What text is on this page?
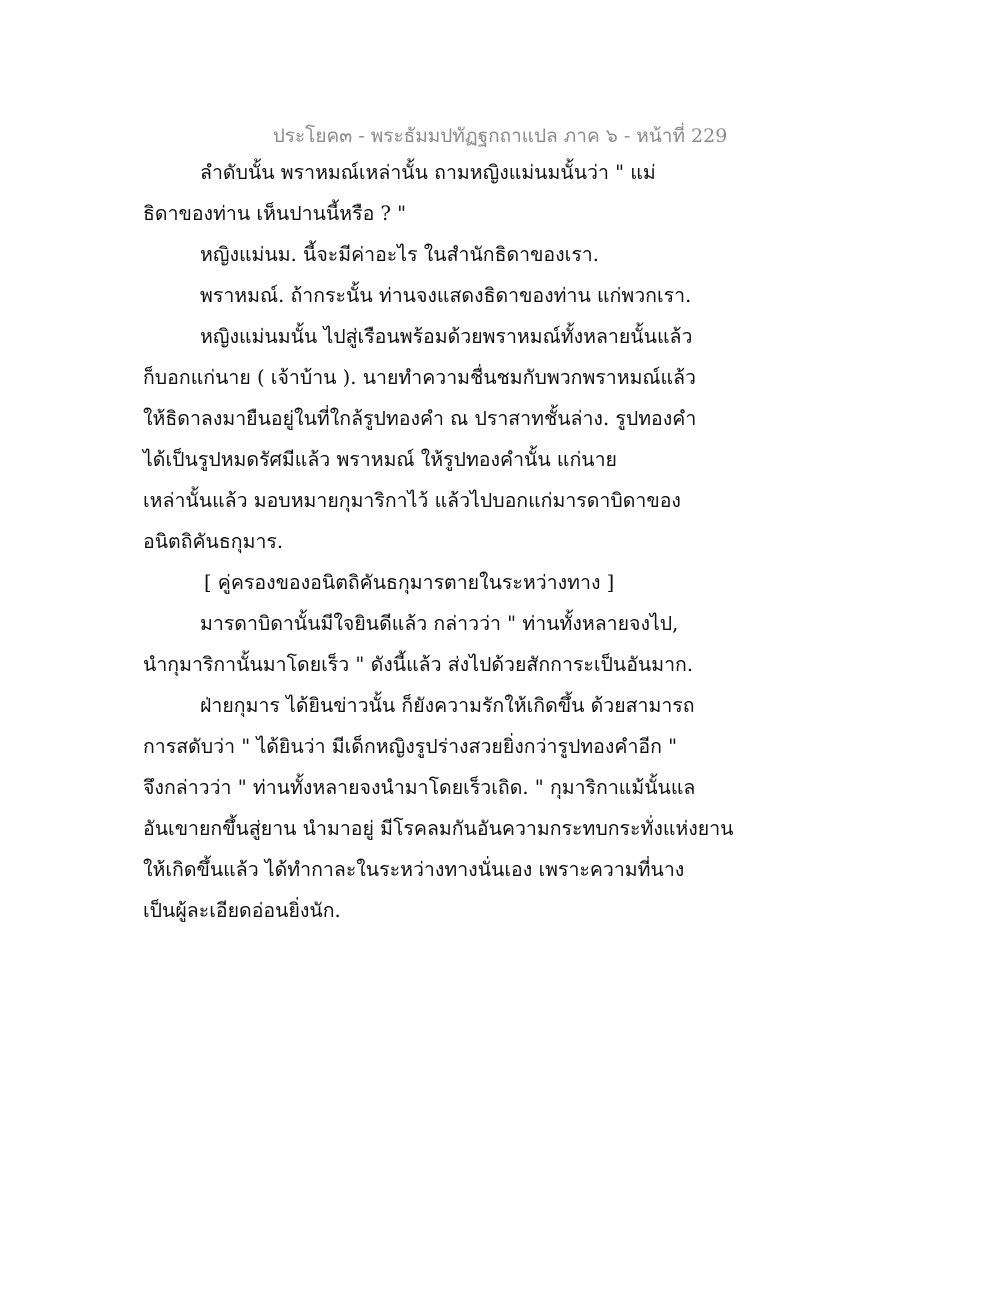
ประโยค๓ - พระธัมมปทัฏฐกถาแปล ภาค ๖ - หน้าที่ 229
ลำดับนั้น พราหมณ์เหล่านั้น ถามหญิงแม่นมนั้นว่า " แม่
ธิดาของท่าน เห็นปานนี้หรือ ? "
หญิงแม่นม. นี้จะมีค่าอะไร ในสำนักธิดาของเรา.
พราหมณ์. ถ้ากระนั้น ท่านจงแสดงธิดาของท่าน แก่พวกเรา.
หญิงแม่นมนั้น ไปสู่เรือนพร้อมด้วยพราหมณ์ทั้งหลายนั้นแล้ว
ก็บอกแก่นาย ( เจ้าบ้าน ). นายทำความชื่นชมกับพวกพราหมณ์แล้ว
ให้ธิดาลงมายืนอยู่ในที่ใกล้รูปทองคำ ณ ปราสาทชั้นล่าง. รูปทองคำ
ได้เป็นรูปหมดรัศมีแล้ว พราหมณ์ ให้รูปทองคำนั้น แก่นาย
เหล่านั้นแล้ว มอบหมายกุมาริกาไว้ แล้วไปบอกแก่มารดาบิดาของ
อนิตถิคันธกุมาร.
[ คู่ครองของอนิตถิคันธกุมารตายในระหว่างทาง ]
มารดาบิดานั้นมีใจยินดีแล้ว กล่าวว่า " ท่านทั้งหลายจงไป,
นำกุมาริกานั้นมาโดยเร็ว " ดังนี้แล้ว ส่งไปด้วยสักการะเป็นอันมาก.
ฝ่ายกุมาร ได้ยินข่าวนั้น ก็ยังความรักให้เกิดขึ้น ด้วยสามารถ
การสดับว่า " ได้ยินว่า มีเด็กหญิงรูปร่างสวยยิ่งกว่ารูปทองคำอีก "
จึงกล่าวว่า " ท่านทั้งหลายจงนำมาโดยเร็วเถิด. " กุมาริกาแม้นั้นแล
อันเขายกขึ้นสู่ยาน นำมาอยู่ มีโรคลมกันอันความกระทบกระทั่งแห่งยาน
ให้เกิดขึ้นแล้ว ได้ทำกาละในระหว่างทางนั่นเอง เพราะความที่นาง
เป็นผู้ละเอียดอ่อนยิ่งนัก.
